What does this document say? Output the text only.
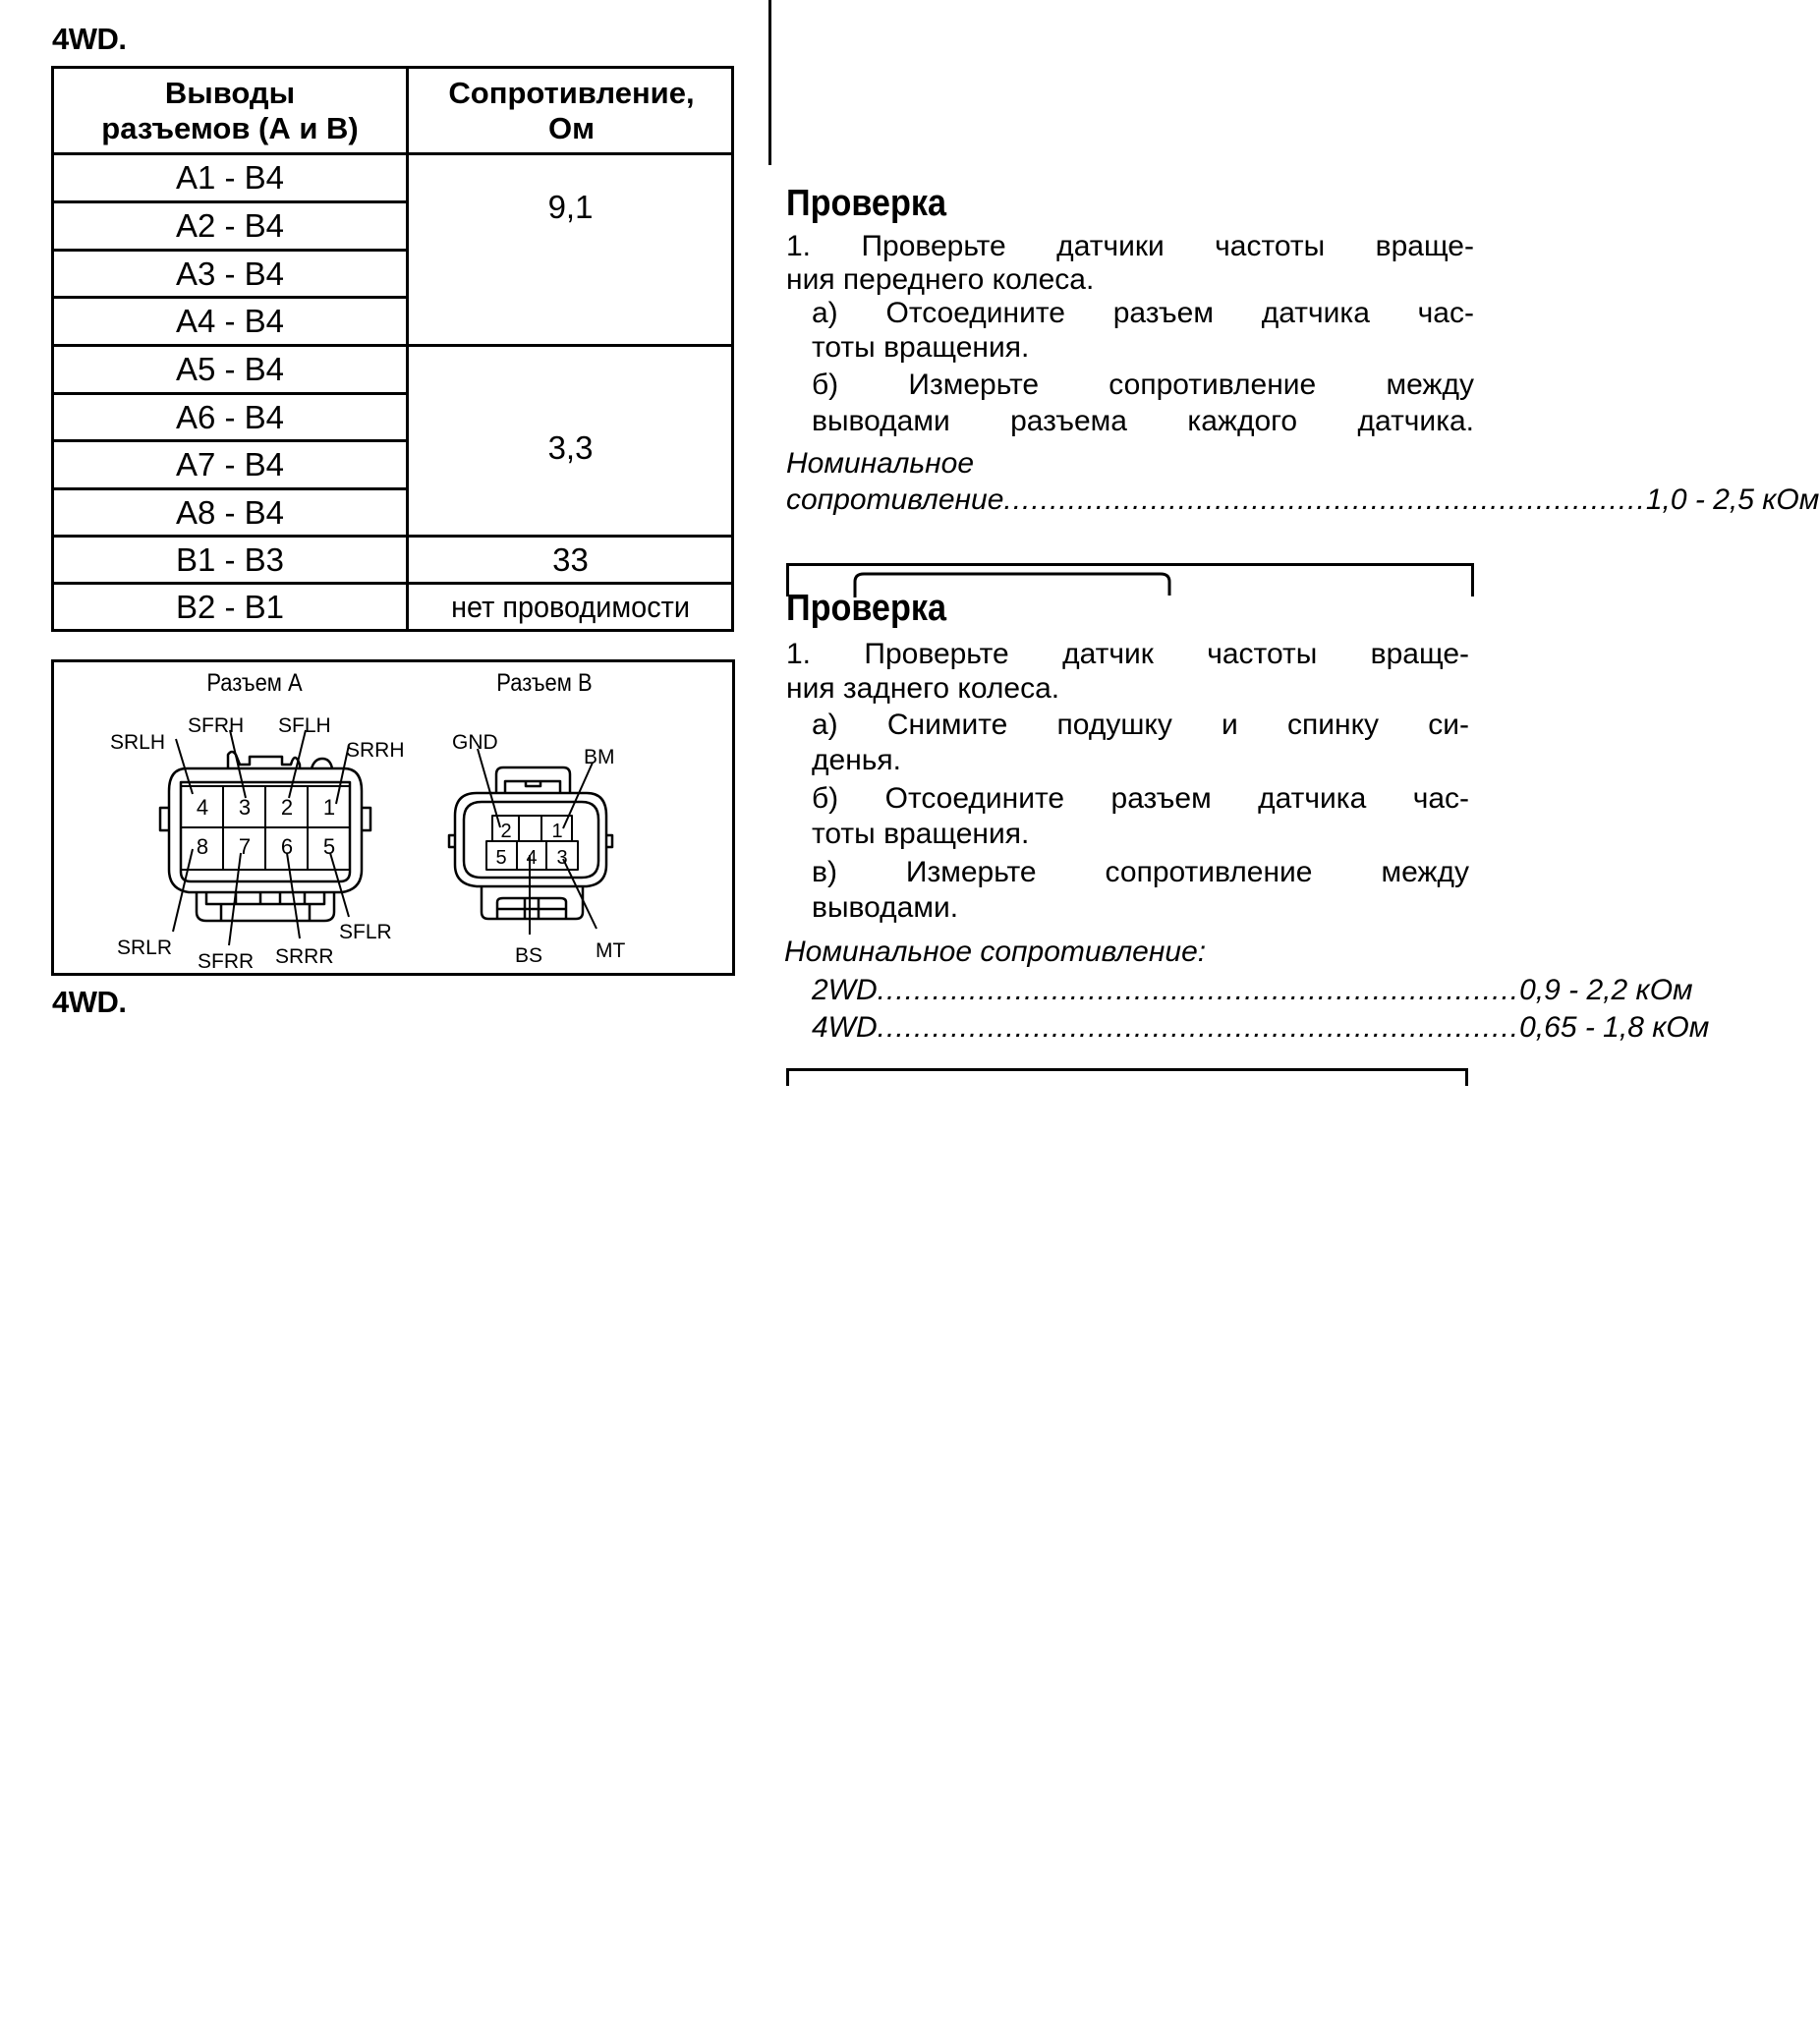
4WD.
Выводы
разъемов (А и В)
Сопротивление,
Ом
A1 - B4
A2 - B4
A3 - B4
A4 - B4
A5 - B4
A6 - B4
A7 - B4
A8 - B4
B1 - B3
B2 - B1
9,1
3,3
33
нет проводимости
Разъем A	Разъем B
4 3 2 1
8 7 6 5
SRLH
SFRH SFLH
SRRH
SRLR
SFRR SRRR
SFLR
2 1
5 4 3
GND
BM
BS	MT
4WD.
Проверка
1. Проверьте датчики частоты враще-
ния переднего колеса.
а) Отсоедините разъем датчика час-
тоты вращения.
б) Измерьте сопротивление между
выводами разъема каждого датчика.
Номинальное
сопротивление ...................................................................... 1,0 - 2,5 кОм
Проверка
1. Проверьте датчик частоты враще-
ния заднего колеса.
а) Снимите подушку и спинку си-
денья.
б) Отсоедините разъем датчика час-
тоты вращения.
в) Измерьте сопротивление между
выводами.
Номинальное сопротивление:
2WD ...................................................................... 0,9 - 2,2 кОм
4WD ...................................................................... 0,65 - 1,8 кОм
